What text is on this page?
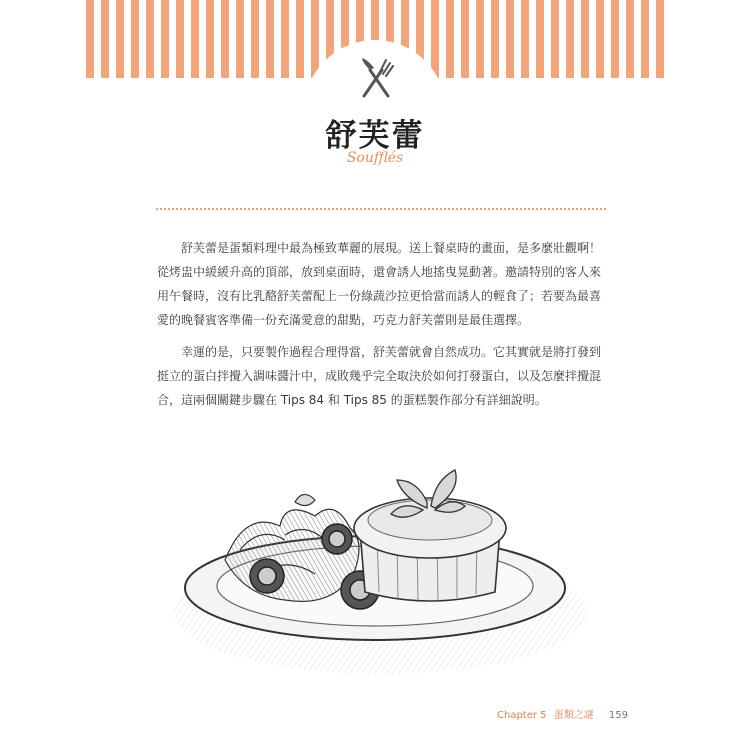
舒芙蕾
Soufflés

舒芙蕾是蛋類料理中最為極致華麗的展現。送上餐桌時的畫面，是多麼壯觀啊！從烤盅中緩緩升高的頂部，放到桌面時，還會誘人地搖曳晃動著。邀請特別的客人來用午餐時，沒有比乳酪舒芙蕾配上一份綠蔬沙拉更恰當而誘人的輕食了；若要為最喜愛的晚餐賓客準備一份充滿愛意的甜點，巧克力舒芙蕾則是最佳選擇。

幸運的是，只要製作過程合理得當，舒芙蕾就會自然成功。它其實就是將打發到挺立的蛋白拌攪入調味醬汁中，成敗幾乎完全取決於如何打發蛋白，以及怎麼拌攪混合，這兩個關鍵步驟在 Tips 84 和 Tips 85 的蛋糕製作部分有詳細說明。

Chapter 5 蛋類之謎 159
